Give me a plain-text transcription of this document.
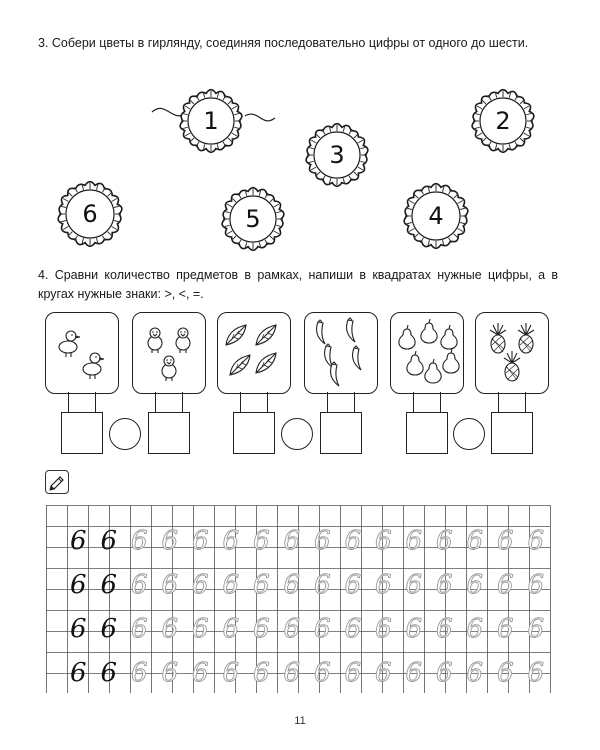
3. Собери цветы в гирлянду, соединяя последовательно цифры от одного до шести.
1	2
3
4
5
6
4. Сравни количество предметов в рамках, напиши в квадратах нужные цифры, а в кругах нужные знаки: >, <, =.
6 6 6 6 6 6 6 6 6 6 6 6 6 6 6 6
6 6 6 6 6 6 6 6 6 6 6 6 6 6 6 6
6 6 6 6 6 6 6 6 6 6 6 6 6 6 6 6
6 6 6 6 6 6 6 6 6 6 6 6 6 6 6 6
11
